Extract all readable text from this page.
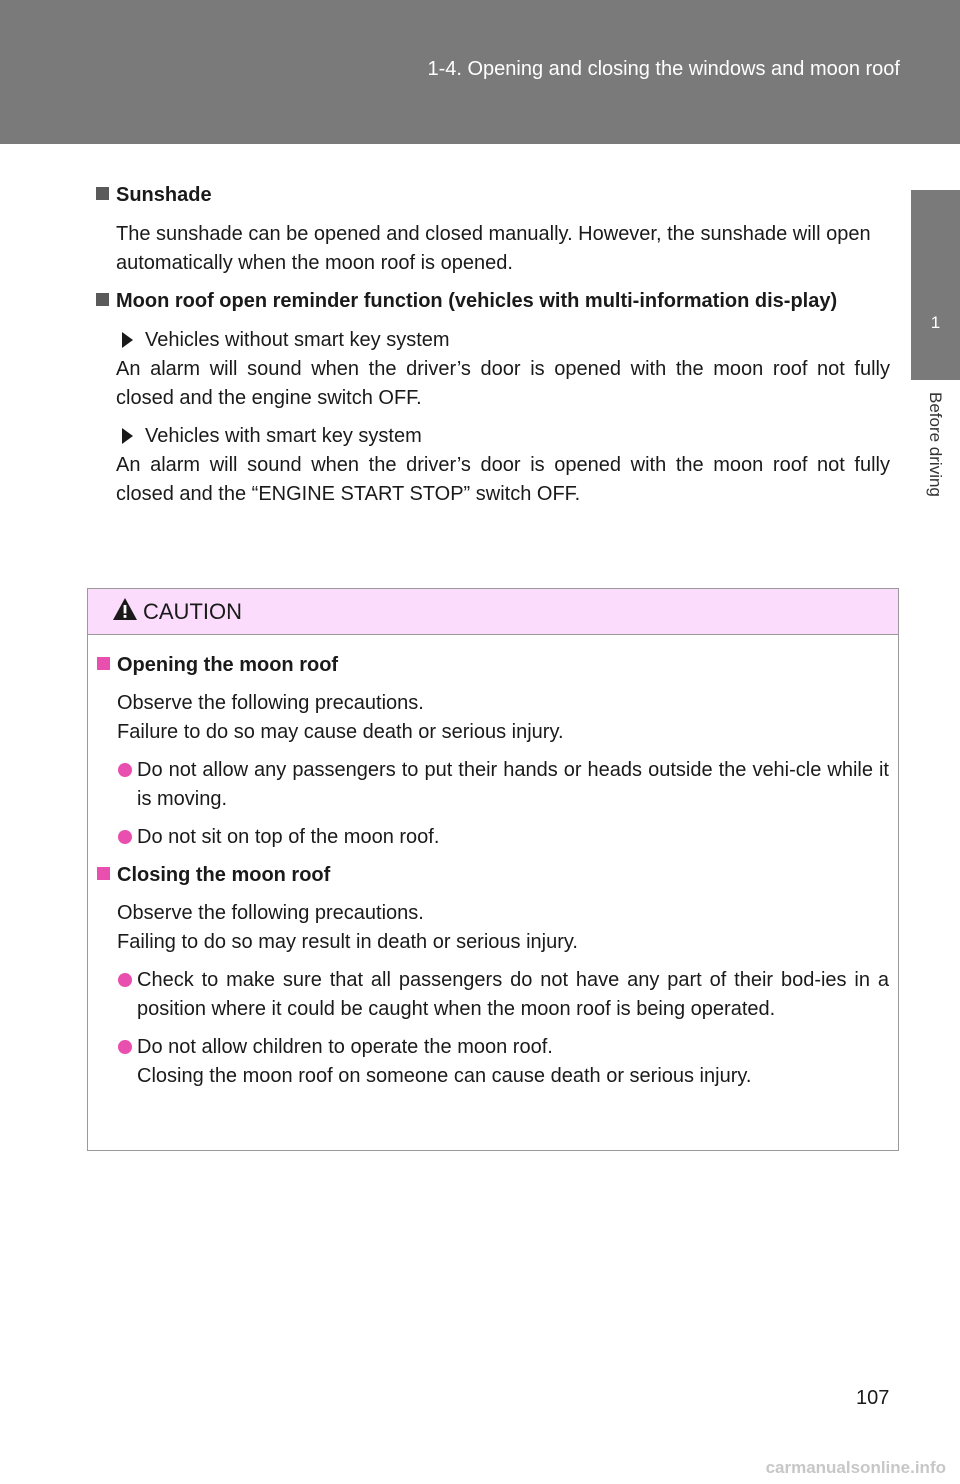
1-4. Opening and closing the windows and moon roof
1
Before driving
Sunshade
The sunshade can be opened and closed manually. However, the sunshade will open automatically when the moon roof is opened.
Moon roof open reminder function (vehicles with multi-information dis-play)
Vehicles without smart key system
An alarm will sound when the driver’s door is opened with the moon roof not fully closed and the engine switch OFF.
Vehicles with smart key system
An alarm will sound when the driver’s door is opened with the moon roof not fully closed and the “ENGINE START STOP” switch OFF.
CAUTION
Opening the moon roof
Observe the following precautions.
Failure to do so may cause death or serious injury.
Do not allow any passengers to put their hands or heads outside the vehi-cle while it is moving.
Do not sit on top of the moon roof.
Closing the moon roof
Observe the following precautions.
Failing to do so may result in death or serious injury.
Check to make sure that all passengers do not have any part of their bod-ies in a position where it could be caught when the moon roof is being operated.
Do not allow children to operate the moon roof.
Closing the moon roof on someone can cause death or serious injury.
107
carmanualsonline.info
